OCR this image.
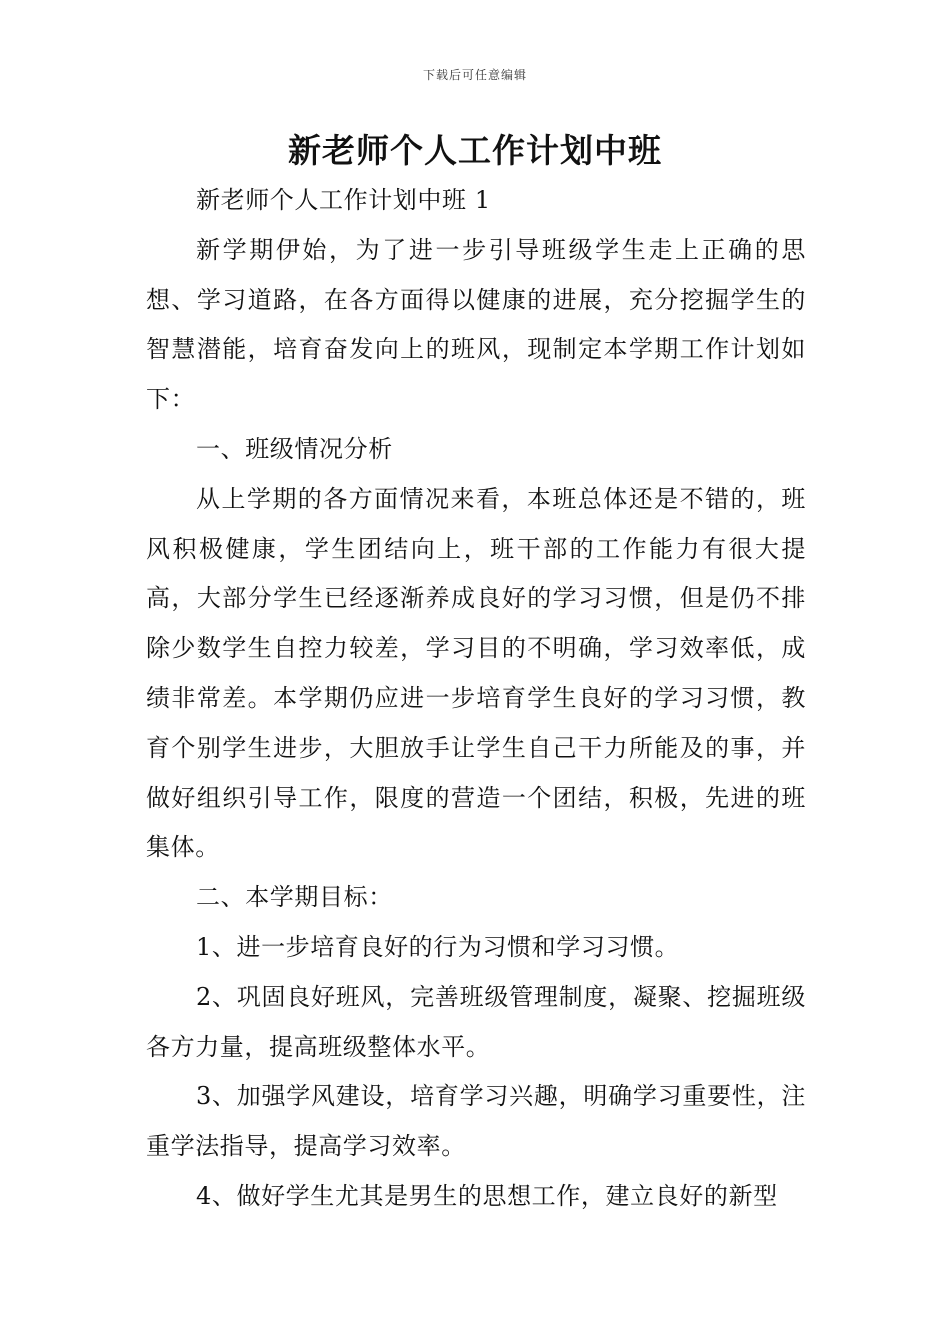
下载后可任意编辑
新老师个人工作计划中班

新老师个人工作计划中班 1

新学期伊始，为了进一步引导班级学生走上正确的思想、学习道路，在各方面得以健康的进展，充分挖掘学生的智慧潜能，培育奋发向上的班风，现制定本学期工作计划如下：

一、班级情况分析

从上学期的各方面情况来看，本班总体还是不错的，班风积极健康，学生团结向上，班干部的工作能力有很大提高，大部分学生已经逐渐养成良好的学习习惯，但是仍不排除少数学生自控力较差，学习目的不明确，学习效率低，成绩非常差。本学期仍应进一步培育学生良好的学习习惯，教育个别学生进步，大胆放手让学生自己干力所能及的事，并做好组织引导工作，限度的营造一个团结，积极，先进的班集体。

二、本学期目标：

1、进一步培育良好的行为习惯和学习习惯。

2、巩固良好班风，完善班级管理制度，凝聚、挖掘班级各方力量，提高班级整体水平。

3、加强学风建设，培育学习兴趣，明确学习重要性，注重学法指导，提高学习效率。

4、做好学生尤其是男生的思想工作，建立良好的新型
